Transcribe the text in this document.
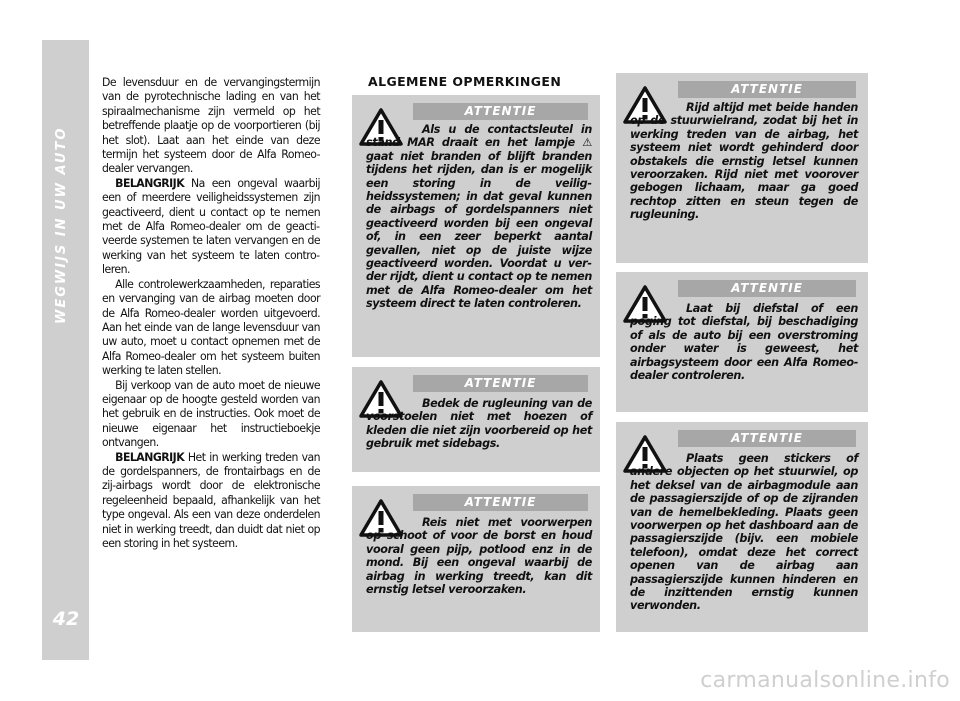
WEGWIJS IN UW AUTO
42

De levensduur en de vervangingstermijn van de pyrotechnische lading en van het spiraalmechanisme zijn vermeld op het betreffende plaatje op de voorportieren (bij het slot). Laat aan het einde van deze termijn het systeem door de Alfa Romeo-dealer vervangen.

BELANGRIJK Na een ongeval waarbij een of meerdere veiligheidssystemen zijn geactiveerd, dient u contact op te nemen met de Alfa Romeo-dealer om de geactiveerde systemen te laten vervangen en de werking van het systeem te laten controleren.

Alle controlewerkzaamheden, reparaties en vervanging van de airbag moeten door de Alfa Romeo-dealer worden uitgevoerd. Aan het einde van de lange levensduur van uw auto, moet u contact opnemen met de Alfa Romeo-dealer om het systeem buiten werking te laten stellen.

Bij verkoop van de auto moet de nieuwe eigenaar op de hoogte gesteld worden van het gebruik en de instructies. Ook moet de nieuwe eigenaar het instructieboekje ontvangen.

BELANGRIJK Het in werking treden van de gordelspanners, de frontairbags en de zij-airbags wordt door de elektronische regeleenheid bepaald, afhankelijk van het type ongeval. Als een van deze onderdelen niet in werking treedt, dan duidt dat niet op een storing in het systeem.

ALGEMENE OPMERKINGEN
ATTENTIE
Als u de contactsleutel in stand MAR draait en het lampje ⚠ gaat niet branden of blijft branden tijdens het rijden, dan is er mogelijk een storing in de veiligheidssystemen; in dat geval kunnen de airbags of gordelspanners niet geactiveerd worden bij een ongeval of, in een zeer beperkt aantal gevallen, niet op de juiste wijze geactiveerd worden. Voordat u verder rijdt, dient u contact op te nemen met de Alfa Romeo-dealer om het systeem direct te laten controleren.
ATTENTIE
Bedek de rugleuning van de voorstoelen niet met hoezen of kleden die niet zijn voorbereid op het gebruik met sidebags.
ATTENTIE
Reis niet met voorwerpen op schoot of voor de borst en houd vooral geen pijp, potlood enz in de mond. Bij een ongeval waarbij de airbag in werking treedt, kan dit ernstig letsel veroorzaken.
ATTENTIE
Rijd altijd met beide handen op de stuurwielrand, zodat bij het in werking treden van de airbag, het systeem niet wordt gehinderd door obstakels die ernstig letsel kunnen veroorzaken. Rijd niet met voorover gebogen lichaam, maar ga goed rechtop zitten en steun tegen de rugleuning.
ATTENTIE
Laat bij diefstal of een poging tot diefstal, bij beschadiging of als de auto bij een overstroming onder water is geweest, het airbagsysteem door een Alfa Romeo-dealer controleren.
ATTENTIE
Plaats geen stickers of andere objecten op het stuurwiel, op het deksel van de airbagmodule aan de passagierszijde of op de zijranden van de hemelbekleding. Plaats geen voorwerpen op het dashboard aan de passagierszijde (bijv. een mobiele telefoon), omdat deze het correct openen van de airbag aan passagierszijde kunnen hinderen en de inzittenden ernstig kunnen verwonden.
carmanualsonline.info
